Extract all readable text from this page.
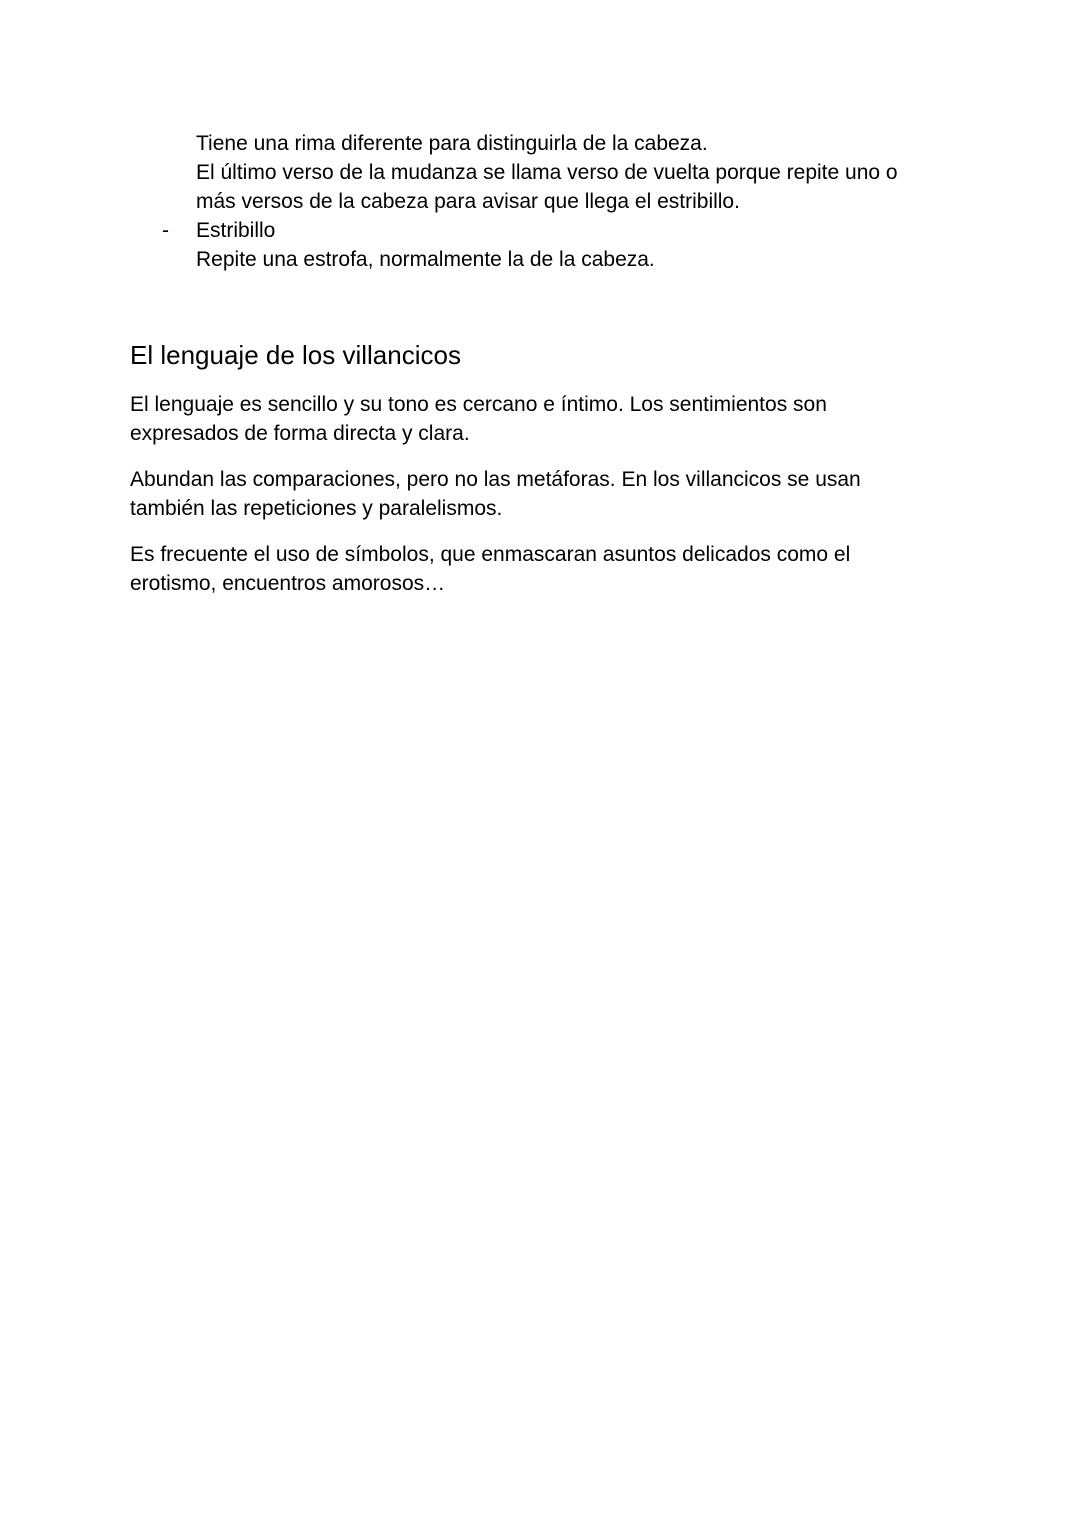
Tiene una rima diferente para distinguirla de la cabeza.
El último verso de la mudanza se llama verso de vuelta porque repite uno o
más versos de la cabeza para avisar que llega el estribillo.
- Estribillo
Repite una estrofa, normalmente la de la cabeza.
El lenguaje de los villancicos
El lenguaje es sencillo y su tono es cercano e íntimo. Los sentimientos son
expresados de forma directa y clara.
Abundan las comparaciones, pero no las metáforas. En los villancicos se usan
también las repeticiones y paralelismos.
Es frecuente el uso de símbolos, que enmascaran asuntos delicados como el
erotismo, encuentros amorosos…
